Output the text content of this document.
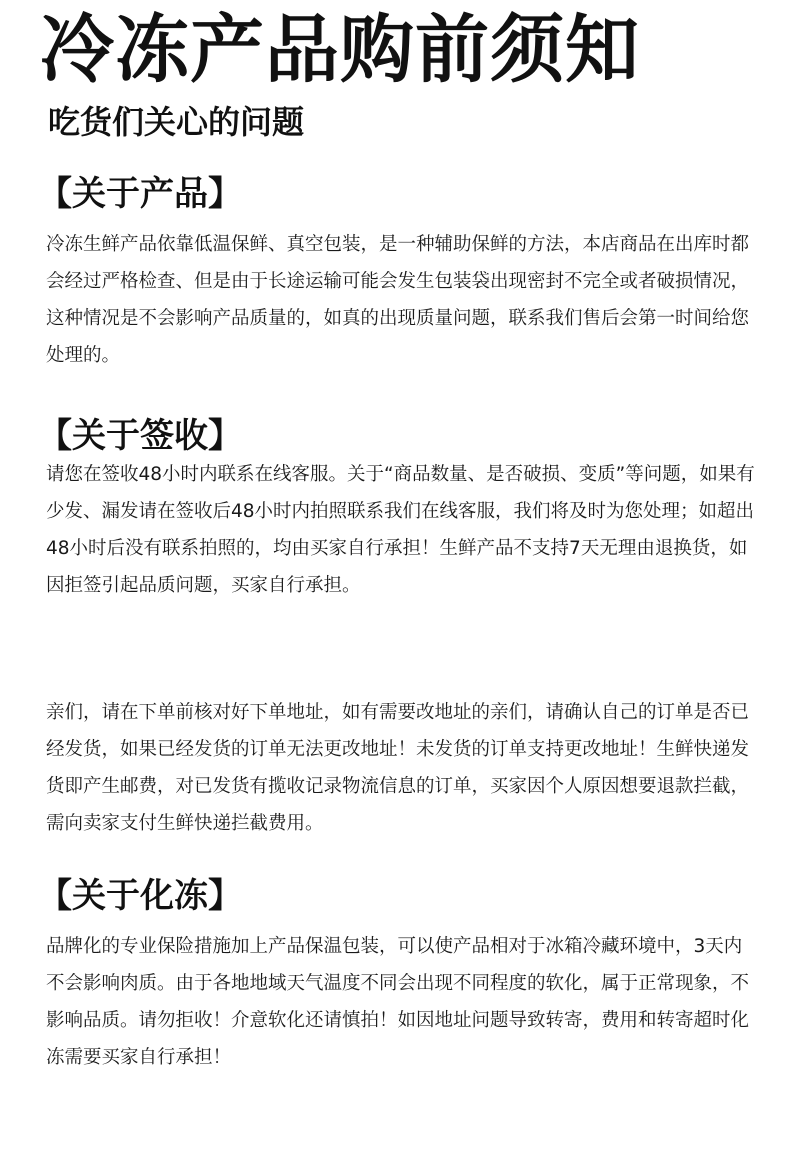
冷冻产品购前须知
吃货们关心的问题
【关于产品】
冷冻生鲜产品依靠低温保鲜、真空包装，是一种辅助保鲜的方法，本店商品在出库时都会经过严格检查、但是由于长途运输可能会发生包装袋出现密封不完全或者破损情况，这种情况是不会影响产品质量的，如真的出现质量问题，联系我们售后会第一时间给您处理的。
【关于签收】
请您在签收48小时内联系在线客服。关于“商品数量、是否破损、变质”等问题，如果有少发、漏发请在签收后48小时内拍照联系我们在线客服，我们将及时为您处理；如超出48小时后没有联系拍照的，均由买家自行承担！生鲜产品不支持7天无理由退换货，如因拒签引起品质问题，买家自行承担。
亲们，请在下单前核对好下单地址，如有需要改地址的亲们，请确认自己的订单是否已经发货，如果已经发货的订单无法更改地址！未发货的订单支持更改地址！生鲜快递发货即产生邮费，对已发货有揽收记录物流信息的订单，买家因个人原因想要退款拦截，需向卖家支付生鲜快递拦截费用。
【关于化冻】
品牌化的专业保险措施加上产品保温包装，可以使产品相对于冰箱冷藏环境中，3天内不会影响肉质。由于各地地域天气温度不同会出现不同程度的软化，属于正常现象，不影响品质。请勿拒收！介意软化还请慎拍！如因地址问题导致转寄，费用和转寄超时化冻需要买家自行承担！
